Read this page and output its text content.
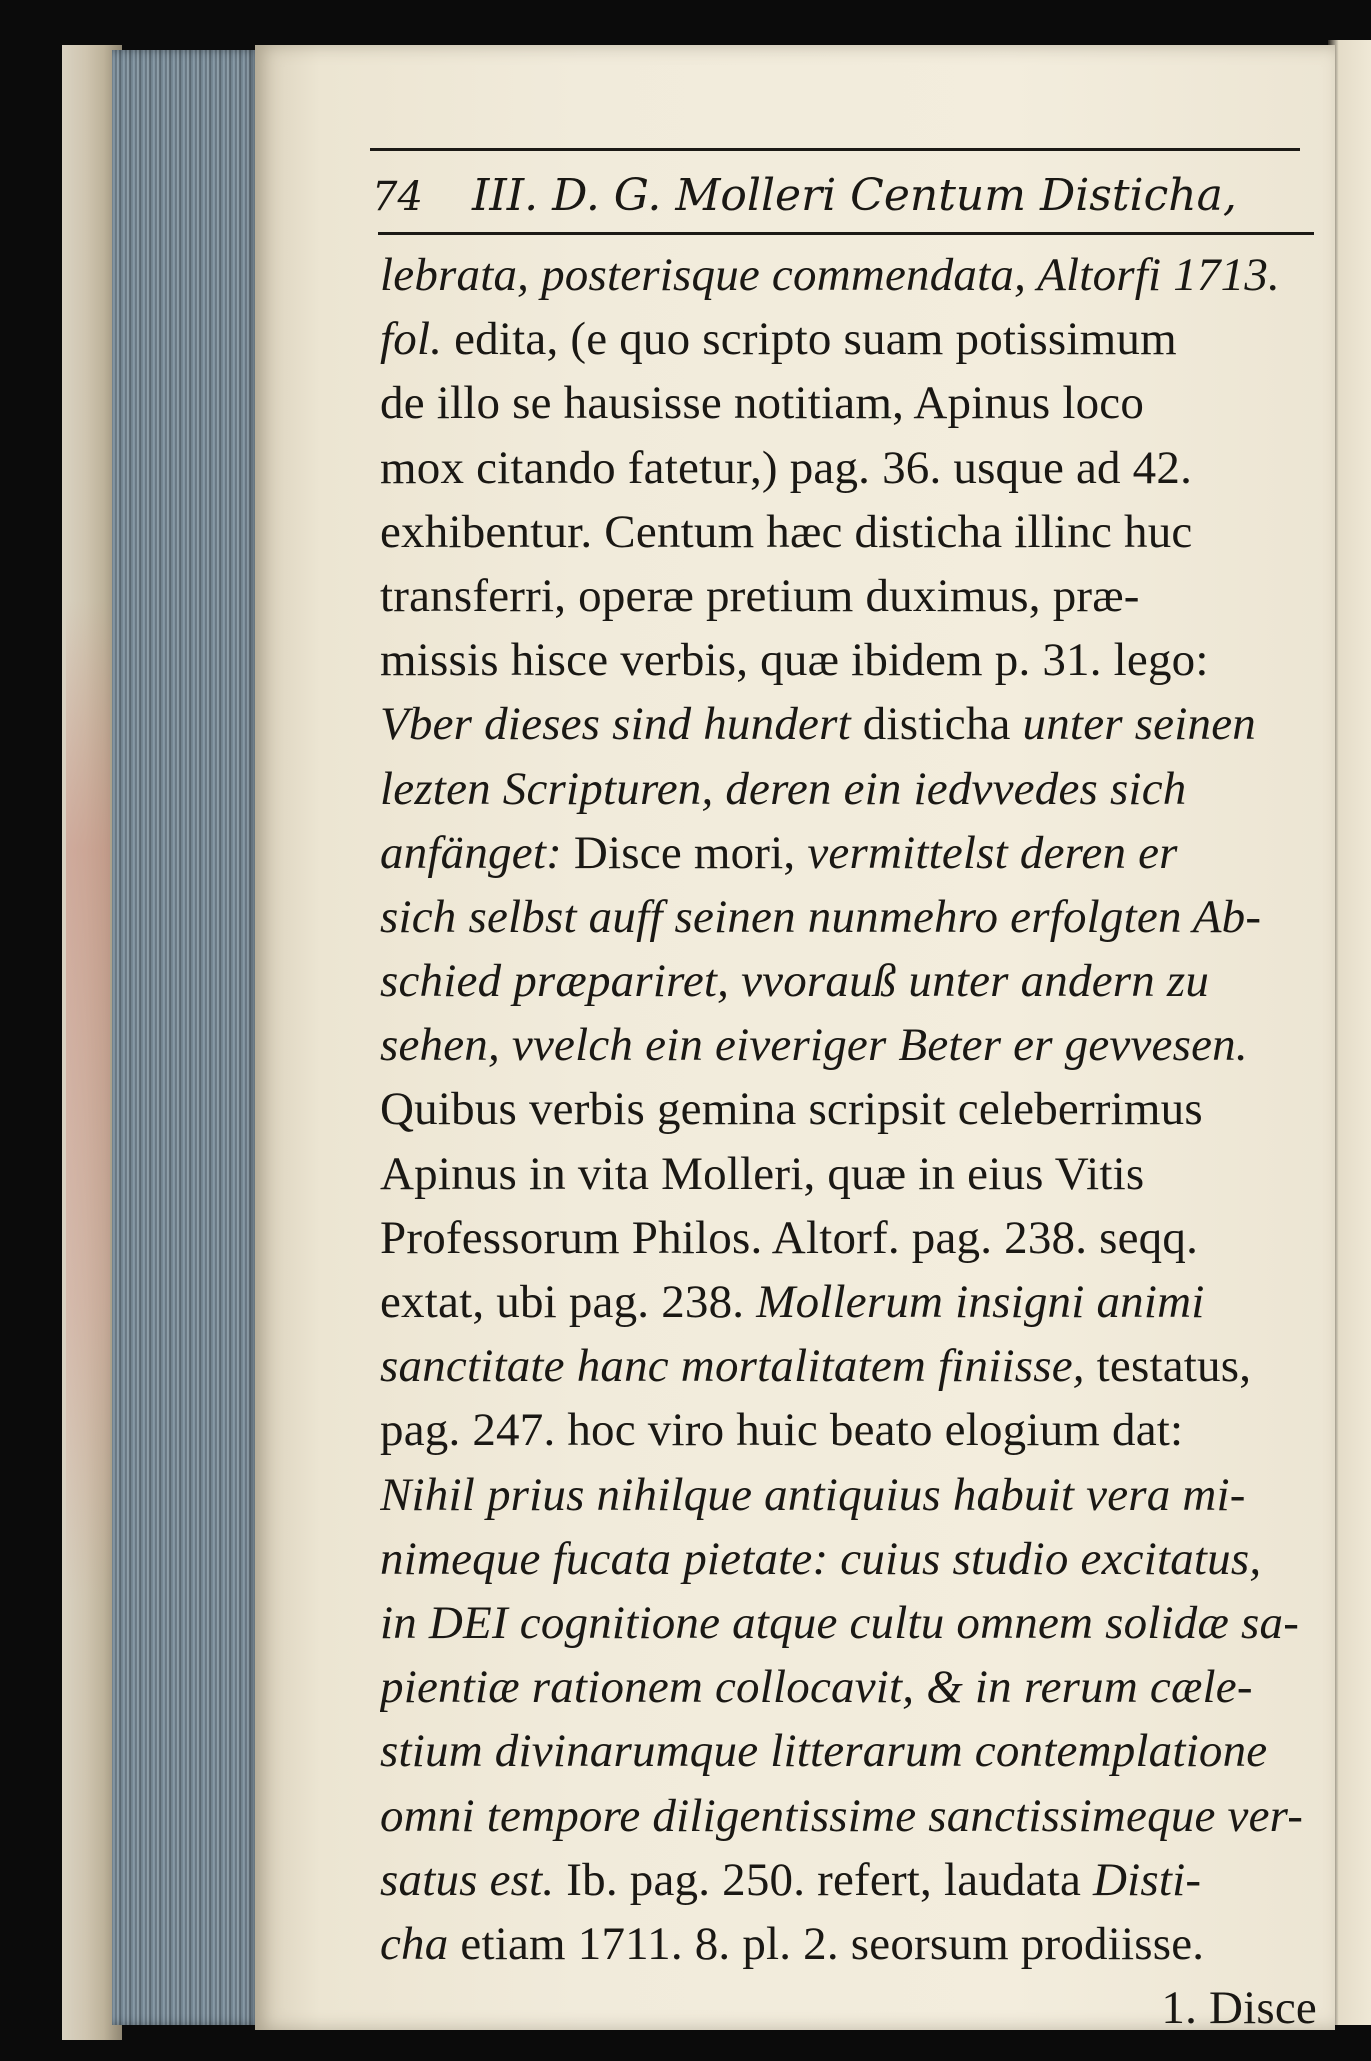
74 III. D. G. Molleri Centum Disticha,
lebrata, posterisque commendata, Altorfi 1713.
fol. edita, (e quo scripto suam potissimum
de illo se hausisse notitiam, Apinus loco
mox citando fatetur,) pag. 36. usque ad 42.
exhibentur. Centum hæc disticha illinc huc
transferri, operæ pretium duximus, præ-
missis hisce verbis, quæ ibidem p. 31. lego:
Vber dieses sind hundert disticha unter seinen
lezten Scripturen, deren ein iedvvedes sich
anfänget: Disce mori, vermittelst deren er
sich selbst auff seinen nunmehro erfolgten Ab-
schied præpariret, vvorauß unter andern zu
sehen, vvelch ein eiveriger Beter er gevvesen.
Quibus verbis gemina scripsit celeberrimus
Apinus in vita Molleri, quæ in eius Vitis
Professorum Philos. Altorf. pag. 238. seqq.
extat, ubi pag. 238. Mollerum insigni animi
sanctitate hanc mortalitatem finiisse, testatus,
pag. 247. hoc viro huic beato elogium dat:
Nihil prius nihilque antiquius habuit vera mi-
nimeque fucata pietate: cuius studio excitatus,
in DEI cognitione atque cultu omnem solidæ sa-
pientiæ rationem collocavit, & in rerum cæle-
stium divinarumque litterarum contemplatione
omni tempore diligentissime sanctissimeque ver-
satus est. Ib. pag. 250. refert, laudata Disti-
cha etiam 1711. 8. pl. 2. seorsum prodiisse.
1. Disce
